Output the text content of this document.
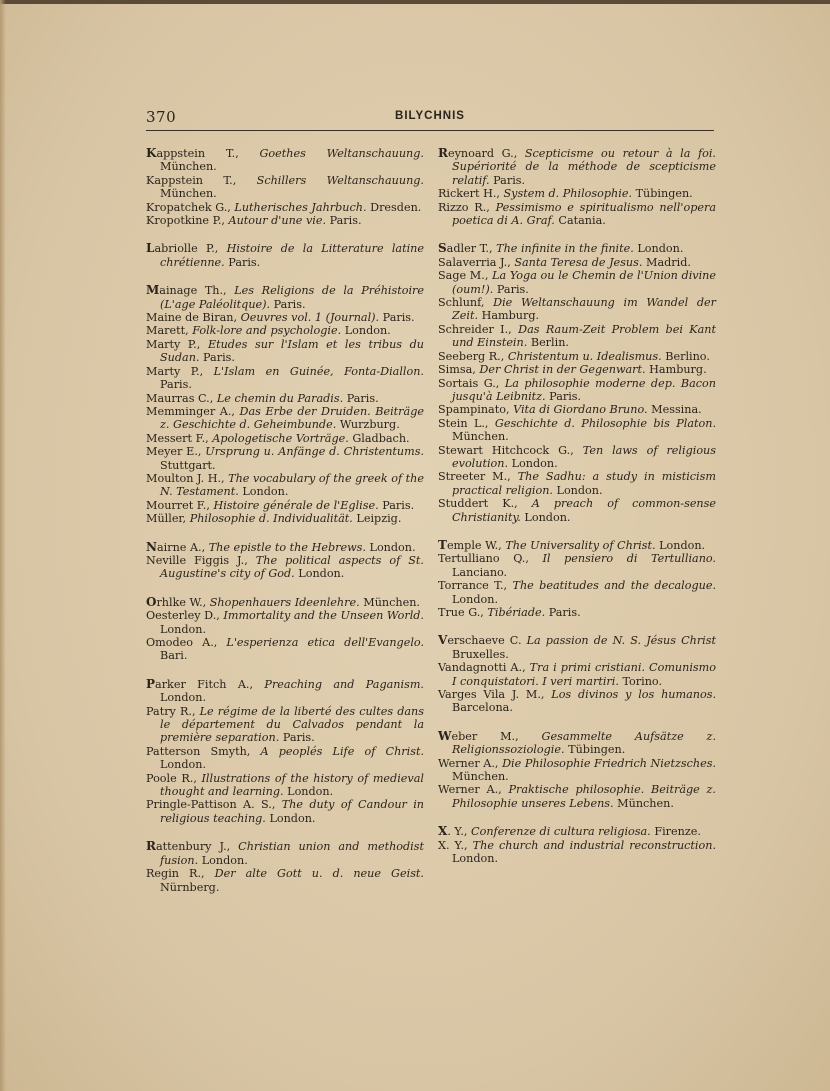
370	BILYCHNIS
Kappstein T., Goethes Weltanschauung. München.
Kappstein T., Schillers Weltanschauung. München.
Kropatchek G., Lutherisches Jahrbuch. Dresden.
Kropotkine P., Autour d'une vie. Paris.
Labriolle P., Histoire de la Litterature latine chrétienne. Paris.
Mainage Th., Les Religions de la Préhistoire (L'age Paléolitque). Paris.
Maine de Biran, Oeuvres vol. 1 (Journal). Paris.
Marett, Folk-lore and psychologie. London.
Marty P., Etudes sur l'Islam et les tribus du Sudan. Paris.
Marty P., L'Islam en Guinée, Fonta-Diallon. Paris.
Maurras C., Le chemin du Paradis. Paris.
Memminger A., Das Erbe der Druiden. Beiträge z. Geschichte d. Geheimbunde. Wurzburg.
Messert F., Apologetische Vorträge. Gladbach.
Meyer E., Ursprung u. Anfänge d. Christentums. Stuttgart.
Moulton J. H., The vocabulary of the greek of the N. Testament. London.
Mourret F., Histoire générale de l'Eglise. Paris.
Müller, Philosophie d. Individualität. Leipzig.
Nairne A., The epistle to the Hebrews. London.
Neville Figgis J., The political aspects of St. Augustine's city of God. London.
Orhlke W., Shopenhauers Ideenlehre. München.
Oesterley D., Immortality and the Unseen World. London.
Omodeo A., L'esperienza etica dell'Evangelo. Bari.
Parker Fitch A., Preaching and Paganism. London.
Patry R., Le régime de la liberté des cultes dans le département du Calvados pendant la première separation. Paris.
Patterson Smyth, A peoplés Life of Christ. London.
Poole R., Illustrations of the history of medieval thought and learning. London.
Pringle-Pattison A. S., The duty of Candour in religious teaching. London.
Rattenbury J., Christian union and methodist fusion. London.
Regin R., Der alte Gott u. d. neue Geist. Nürnberg.
Reynoard G., Scepticisme ou retour à la foi. Supériorité de la méthode de scepticisme relatif. Paris.
Rickert H., System d. Philosophie. Tübingen.
Rizzo R., Pessimismo e spiritualismo nell'opera poetica di A. Graf. Catania.
Sadler T., The infinite in the finite. London.
Salaverria J., Santa Teresa de Jesus. Madrid.
Sage M., La Yoga ou le Chemin de l'Union divine (oum!). Paris.
Schlunf, Die Weltanschauung im Wandel der Zeit. Hamburg.
Schreider I., Das Raum-Zeit Problem bei Kant und Einstein. Berlin.
Seeberg R., Christentum u. Idealismus. Berlino.
Simsa, Der Christ in der Gegenwart. Hamburg.
Sortais G., La philosophie moderne dep. Bacon jusqu'à Leibnitz. Paris.
Spampinato, Vita di Giordano Bruno. Messina.
Stein L., Geschichte d. Philosophie bis Platon. München.
Stewart Hitchcock G., Ten laws of religious evolution. London.
Streeter M., The Sadhu: a study in misticism practical religion. London.
Studdert K., A preach of common-sense Christianity. London.
Temple W., The Universality of Christ. London.
Tertulliano Q., Il pensiero di Tertulliano. Lanciano.
Torrance T., The beatitudes and the decalogue. London.
True G., Tibériade. Paris.
Verschaeve C. La passion de N. S. Jésus Christ Bruxelles.
Vandagnotti A., Tra i primi cristiani. Comunismo I conquistatori. I veri martiri. Torino.
Varges Vila J. M., Los divinos y los humanos. Barcelona.
Weber M., Gesammelte Aufsätze z. Religionssoziologie. Tübingen.
Werner A., Die Philosophie Friedrich Nietzsches. München.
Werner A., Praktische philosophie. Beiträge z. Philosophie unseres Lebens. München.
X. Y., Conferenze di cultura religiosa. Firenze.
X. Y., The church and industrial reconstruction. London.
